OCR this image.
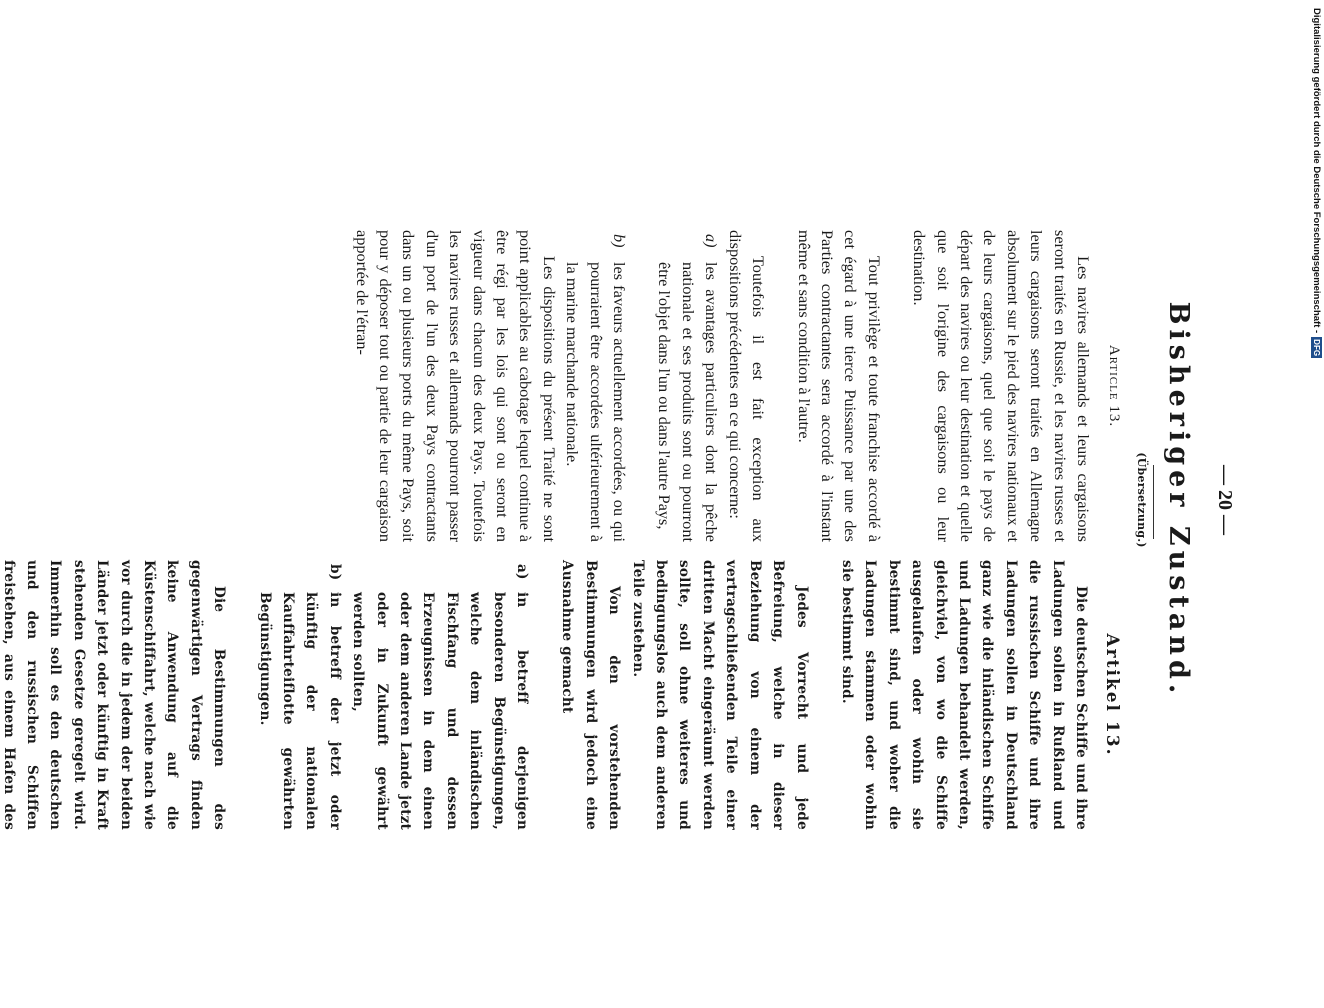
— 20 —
Bisheriger Zustand.
(Übersetzung.)
Article 13.

Les navires allemands et leurs cargaisons seront traités en Russie, et les navires russes et leurs cargaisons seront traités en Allemagne absolument sur le pied des navires nationaux et de leurs cargaisons, quel que soit le pays de départ des navires ou leur destination et quelle que soit l'origine des cargaisons ou leur destination.

Tout privilège et toute franchise accordé à cet égard à une tierce Puissance par une des Parties contractantes sera accordé à l'instant même et sans condition à l'autre.

Toutefois il est fait exception aux dispositions précédentes en ce qui concerne:

a)
les avantages particuliers dont la pêche nationale et ses produits sont ou pourront être l'objet dans l'un ou dans l'autre Pays,
b)
les faveurs actuellement accordées, ou qui pourraient être accordées ultérieurement à la marine marchande nationale.

Les dispositions du présent Traité ne sont point applicables au cabotage lequel continue à être régi par les lois qui sont ou seront en vigueur dans chacun des deux Pays. Toutefois les navires russes et allemands pourront passer d'un port de l'un des deux Pays contractants dans un ou plusieurs ports du même Pays, soit pour y déposer tout ou partie de leur cargaison apportée de l'étran-

Artikel 13.

Die deutschen Schiffe und ihre Ladungen sollen in Rußland und die russischen Schiffe und ihre Ladungen sollen in Deutschland ganz wie die inländischen Schiffe und Ladungen behandelt werden, gleichviel, von wo die Schiffe ausgelaufen oder wohin sie bestimmt sind, und woher die Ladungen stammen oder wohin sie bestimmt sind.

Jedes Vorrecht und jede Befreiung, welche in dieser Beziehung von einem der vertragschließenden Teile einer dritten Macht eingeräumt werden sollte, soll ohne weiteres und bedingungslos auch dem anderen Teile zustehen.

Von den vorstehenden Bestimmungen wird jedoch eine Ausnahme gemacht

a)
in betreff derjenigen besonderen Begünstigungen, welche dem inländischen Fischfang und dessen Erzeugnissen in dem einen oder dem anderen Lande jetzt oder in Zukunft gewährt werden sollten,
b)
in betreff der jetzt oder künftig der nationalen Kauffahrteiflotte gewährten Begünstigungen.

Die Bestimmungen des gegenwärtigen Vertrags finden keine Anwendung auf die Küstenschiffahrt, welche nach wie vor durch die in jedem der beiden Länder jetzt oder künftig in Kraft stehenden Gesetze geregelt wird. Immerhin soll es den deutschen und den russischen Schiffen freistehen, aus einem Hafen des

Digitalisierung gefördert durch die Deutsche Forschungsgemeinschaft -
DFG
